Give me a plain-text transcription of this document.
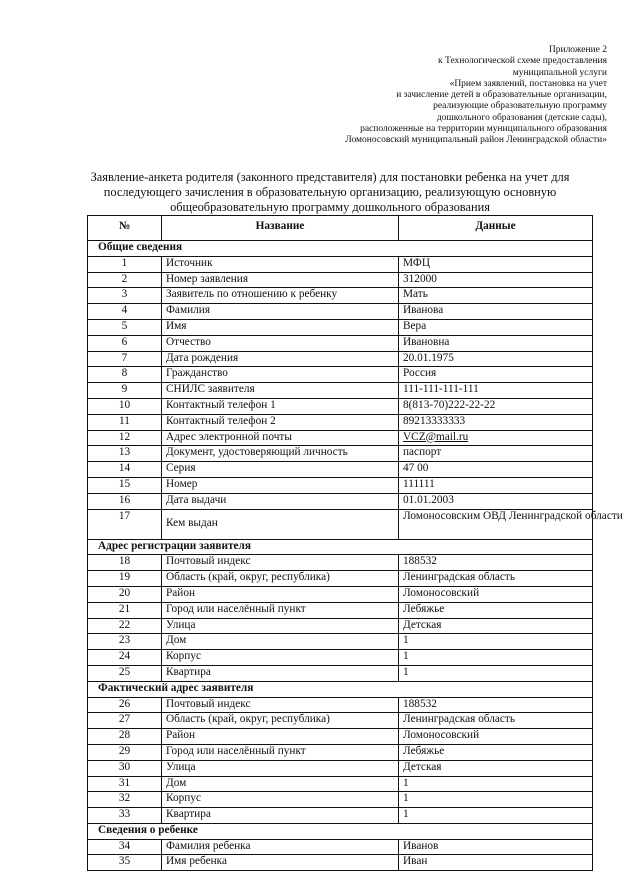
Приложение 2
к Технологической схеме предоставления
муниципальной услуги
«Прием заявлений, постановка на учет
и зачисление детей в образовательные организации,
реализующие образовательную программу
дошкольного образования (детские сады),
расположенные на территории муниципального образования
Ломоносовский муниципальный район Ленинградской области»
Заявление-анкета родителя (законного представителя) для постановки ребенка на учет для
последующего зачисления в образовательную организацию, реализующую основную
общеобразовательную программу дошкольного образования
№	Название	Данные
Общие сведения		
1	Источник	МФЦ
2	Номер заявления	312000
3	Заявитель по отношению к ребенку	Мать
4	Фамилия	Иванова
5	Имя	Вера
6	Отчество	Ивановна
7	Дата рождения	20.01.1975
8	Гражданство	Россия
9	СНИЛС заявителя	111-111-111-111
10	Контактный телефон 1	8(813-70)222-22-22
11	Контактный телефон 2	89213333333
12	Адрес электронной почты	VCZ@mail.ru
13	Документ, удостоверяющий личность	паспорт
14	Серия	47 00
15	Номер	111111
16	Дата выдачи	01.01.2003
17	Кем выдан	Ломоносовским ОВД Ленинградской области
Адрес регистрации заявителя		
18	Почтовый индекс	188532
19	Область (край, округ, республика)	Ленинградская область
20	Район	Ломоносовский
21	Город или населённый пункт	Лебяжье
22	Улица	Детская
23	Дом	1
24	Корпус	1
25	Квартира	1
Фактический адрес заявителя		
26	Почтовый индекс	188532
27	Область (край, округ, республика)	Ленинградская область
28	Район	Ломоносовский
29	Город или населённый пункт	Лебяжье
30	Улица	Детская
31	Дом	1
32	Корпус	1
33	Квартира	1
Сведения о ребенке		
34	Фамилия ребенка	Иванов
35	Имя ребенка	Иван
